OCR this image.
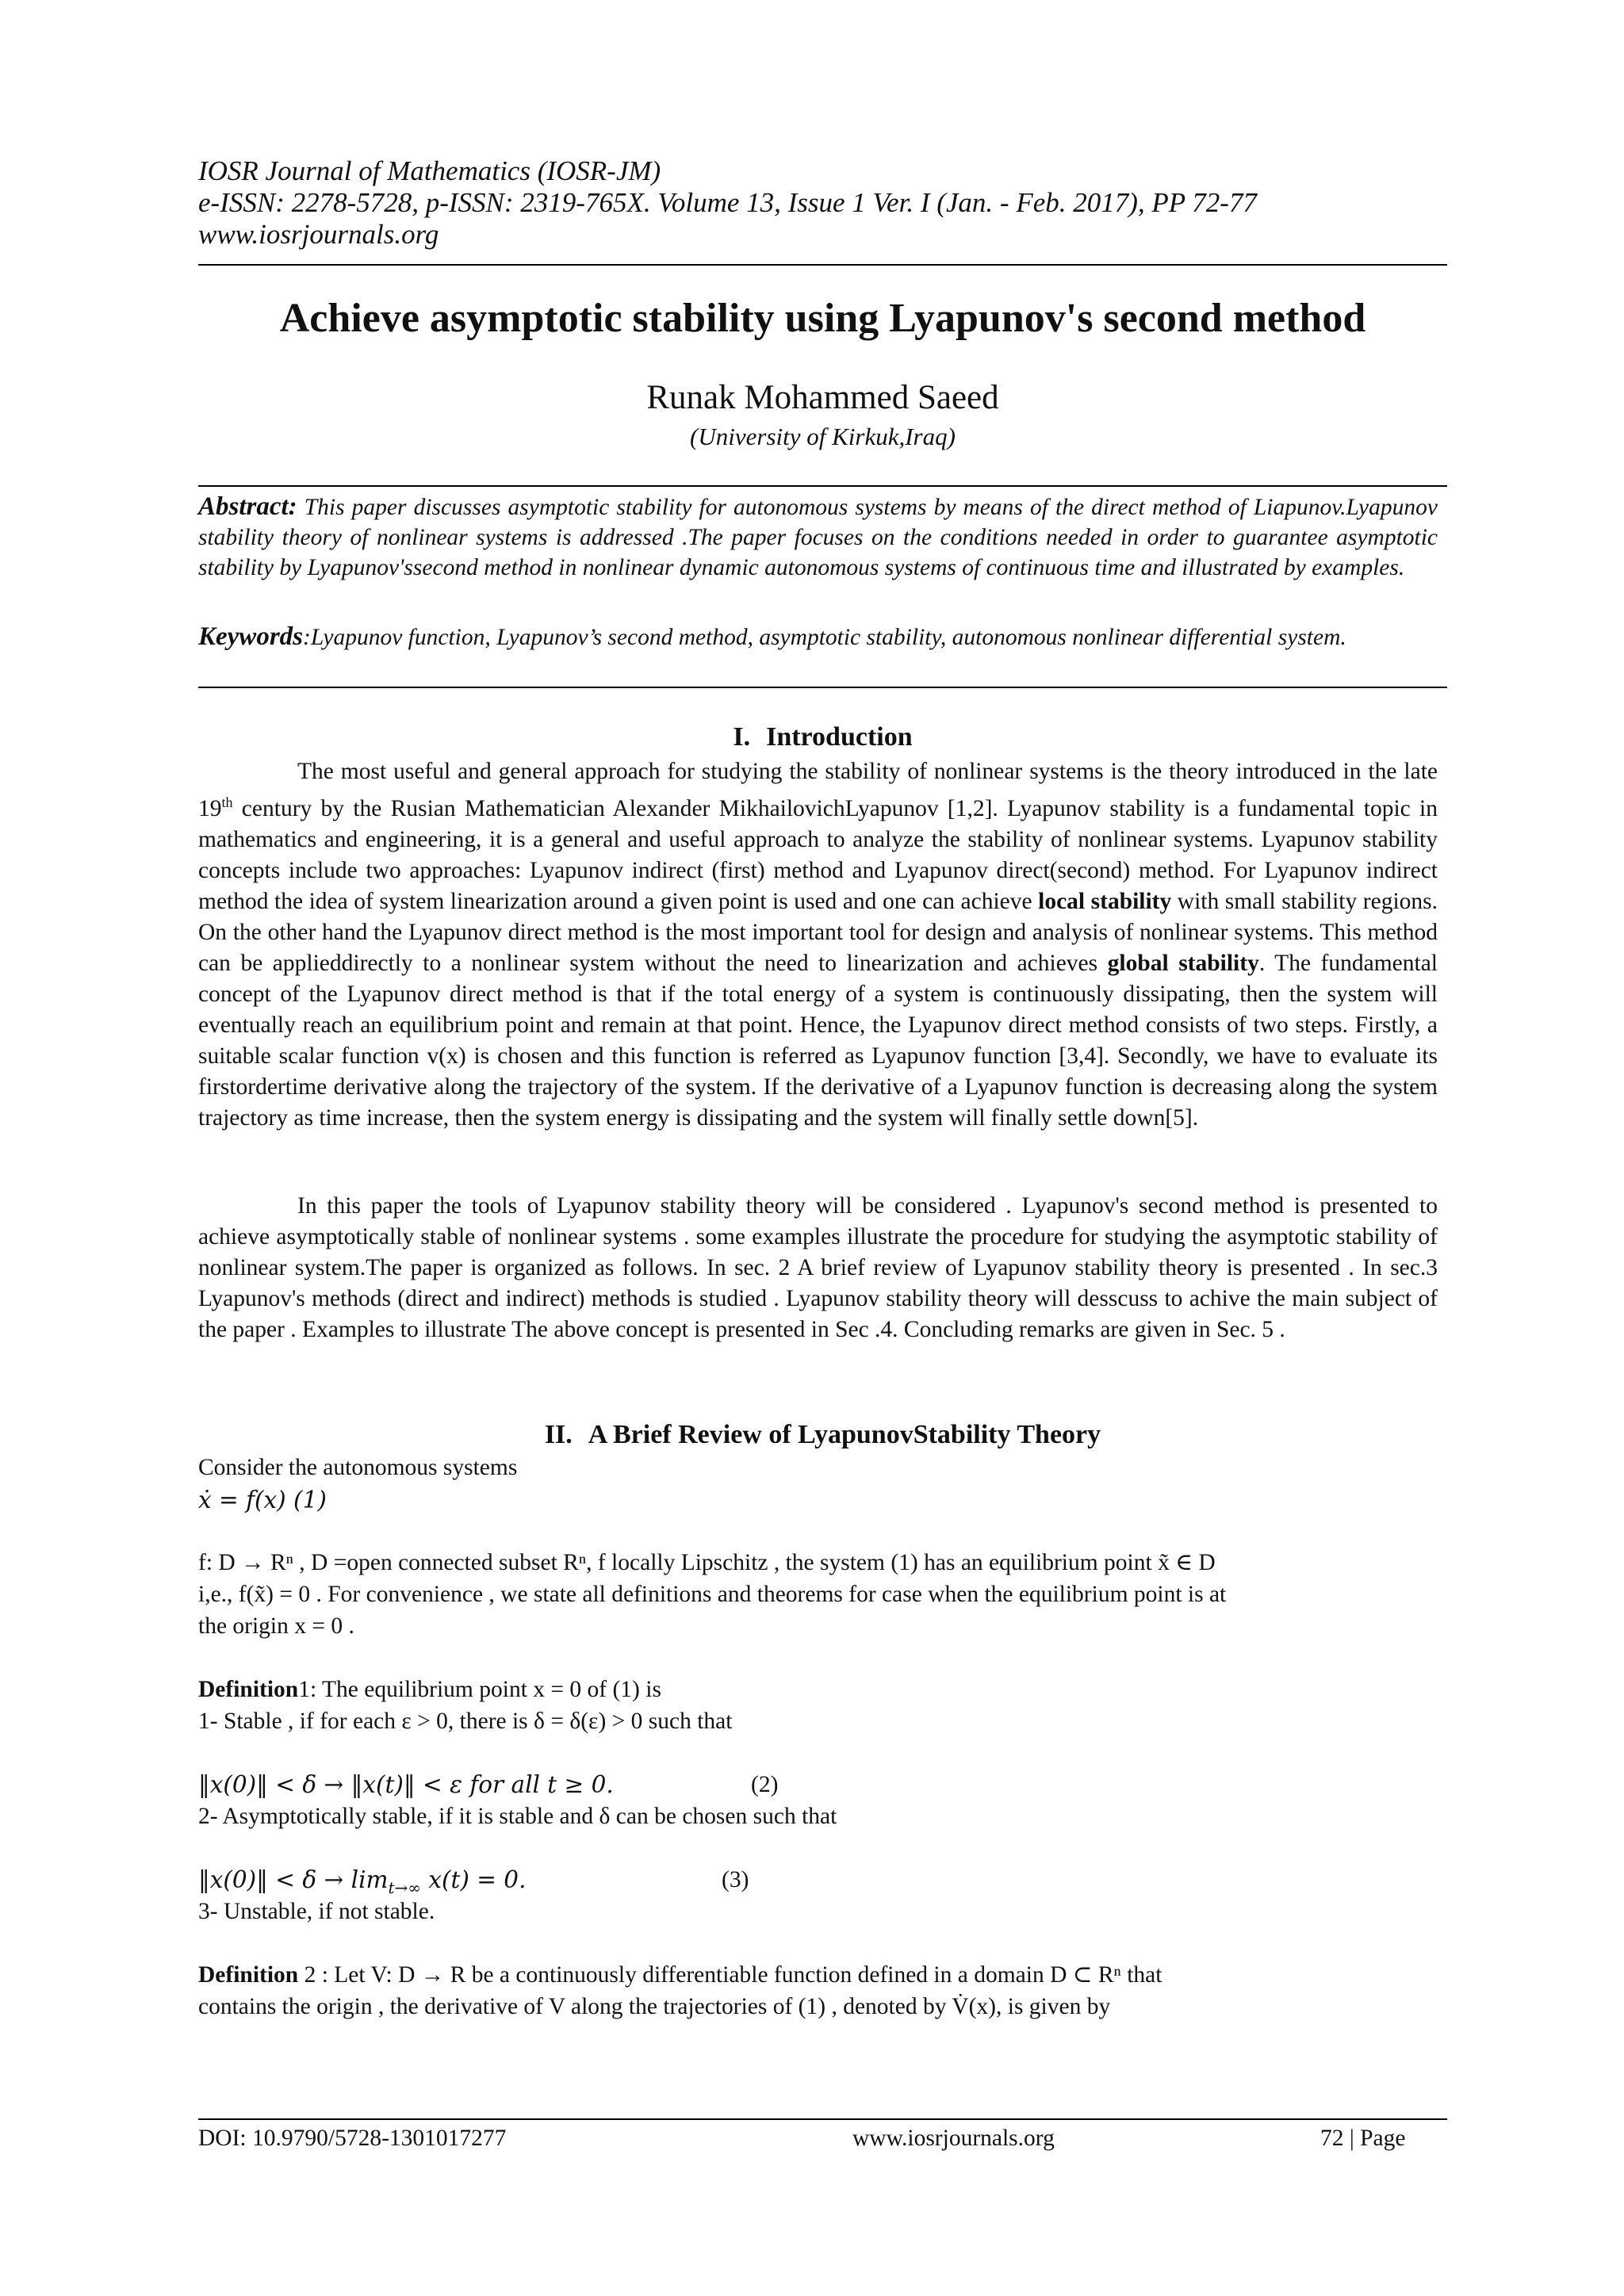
IOSR Journal of Mathematics (IOSR-JM)
e-ISSN: 2278-5728, p-ISSN: 2319-765X. Volume 13, Issue 1 Ver. I (Jan. - Feb. 2017), PP 72-77
www.iosrjournals.org
Achieve asymptotic stability using Lyapunov's second method
Runak Mohammed Saeed
(University of Kirkuk,Iraq)
Abstract: This paper discusses asymptotic stability for autonomous systems by means of the direct method of Liapunov.Lyapunov stability theory of nonlinear systems is addressed .The paper focuses on the conditions needed in order to guarantee asymptotic stability by Lyapunov'ssecond method in nonlinear dynamic autonomous systems of continuous time and illustrated by examples.
Keywords:Lyapunov function, Lyapunov’s second method, asymptotic stability, autonomous nonlinear differential system.
I. Introduction
The most useful and general approach for studying the stability of nonlinear systems is the theory introduced in the late 19th century by the Rusian Mathematician Alexander MikhailovichLyapunov [1,2]. Lyapunov stability is a fundamental topic in mathematics and engineering, it is a general and useful approach to analyze the stability of nonlinear systems. Lyapunov stability concepts include two approaches: Lyapunov indirect (first) method and Lyapunov direct(second) method. For Lyapunov indirect method the idea of system linearization around a given point is used and one can achieve local stability with small stability regions. On the other hand the Lyapunov direct method is the most important tool for design and analysis of nonlinear systems. This method can be applieddirectly to a nonlinear system without the need to linearization and achieves global stability. The fundamental concept of the Lyapunov direct method is that if the total energy of a system is continuously dissipating, then the system will eventually reach an equilibrium point and remain at that point. Hence, the Lyapunov direct method consists of two steps. Firstly, a suitable scalar function v(x) is chosen and this function is referred as Lyapunov function [3,4]. Secondly, we have to evaluate its firstordertime derivative along the trajectory of the system. If the derivative of a Lyapunov function is decreasing along the system trajectory as time increase, then the system energy is dissipating and the system will finally settle down[5].
In this paper the tools of Lyapunov stability theory will be considered . Lyapunov's second method is presented to achieve asymptotically stable of nonlinear systems . some examples illustrate the procedure for studying the asymptotic stability of nonlinear system.The paper is organized as follows. In sec. 2 A brief review of Lyapunov stability theory is presented . In sec.3 Lyapunov's methods (direct and indirect) methods is studied . Lyapunov stability theory will desscuss to achive the main subject of the paper . Examples to illustrate The above concept is presented in Sec .4. Concluding remarks are given in Sec. 5 .
II. A Brief Review of LyapunovStability Theory
Consider the autonomous systems
ẋ = f(x) (1)
f: D → Rⁿ , D =open connected subset Rⁿ, f locally Lipschitz , the system (1) has an equilibrium point x̃ ∈ D
i,e., f(x̃) = 0 . For convenience , we state all definitions and theorems for case when the equilibrium point is at
the origin x = 0 .
Definition1: The equilibrium point x = 0 of (1) is
1- Stable , if for each ε > 0, there is δ = δ(ε) > 0 such that
‖x(0)‖ < δ → ‖x(t)‖ < ε for all t ≥ 0.	(2)
2- Asymptotically stable, if it is stable and δ can be chosen such that
‖x(0)‖ < $\delta \to \lim_{t\to\infty} x(t) = 0$.	(3)
3- Unstable, if not stable.
Definition 2 : Let V: D → R be a continuously differentiable function defined in a domain D ⊂ Rⁿ that
contains the origin , the derivative of V along the trajectories of (1) , denoted by V̇(x), is given by
DOI: 10.9790/5728-1301017277	www.iosrjournals.org	72 | Page
